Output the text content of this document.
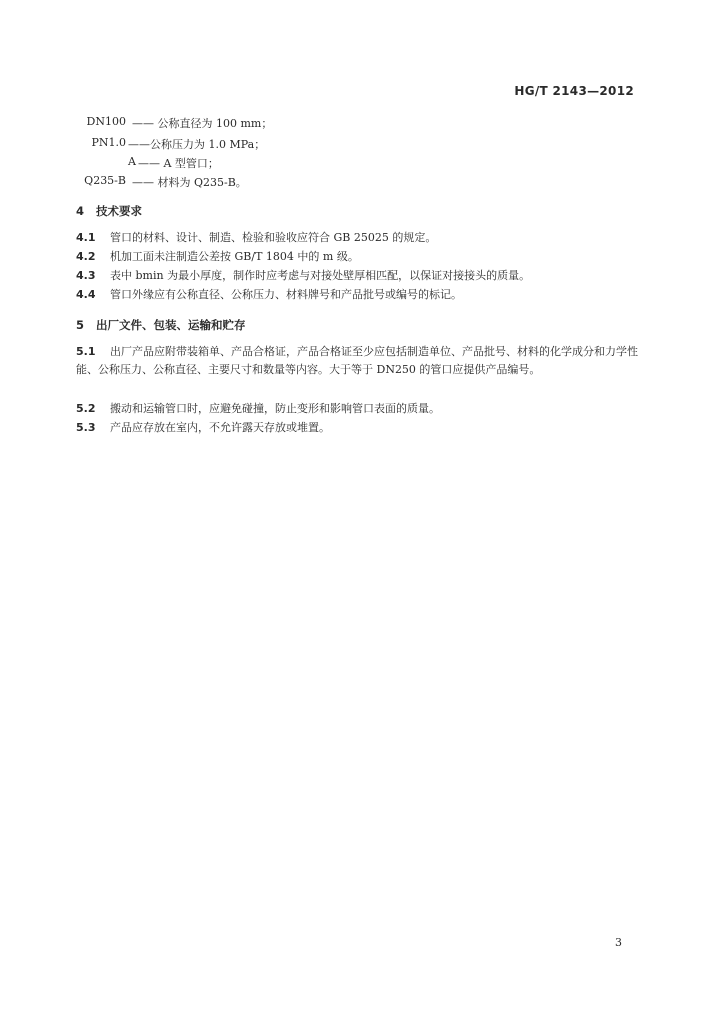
HG/T 2143—2012
DN100 —— 公称直径为 100 mm；
PN1.0 ——公称压力为 1.0 MPa；
A —— A 型管口；
Q235-B —— 材料为 Q235-B。
4 技术要求
4.1 管口的材料、设计、制造、检验和验收应符合 GB 25025 的规定。
4.2 机加工面未注制造公差按 GB/T 1804 中的 m 级。
4.3 表中 bmin 为最小厚度，制作时应考虑与对接处壁厚相匹配，以保证对接接头的质量。
4.4 管口外缘应有公称直径、公称压力、材料牌号和产品批号或编号的标记。
5 出厂文件、包装、运输和贮存
5.1 出厂产品应附带装箱单、产品合格证，产品合格证至少应包括制造单位、产品批号、材料的化学成分和力学性能、公称压力、公称直径、主要尺寸和数量等内容。大于等于 DN250 的管口应提供产品编号。
5.2 搬动和运输管口时，应避免碰撞，防止变形和影响管口表面的质量。
5.3 产品应存放在室内，不允许露天存放或堆置。
3
